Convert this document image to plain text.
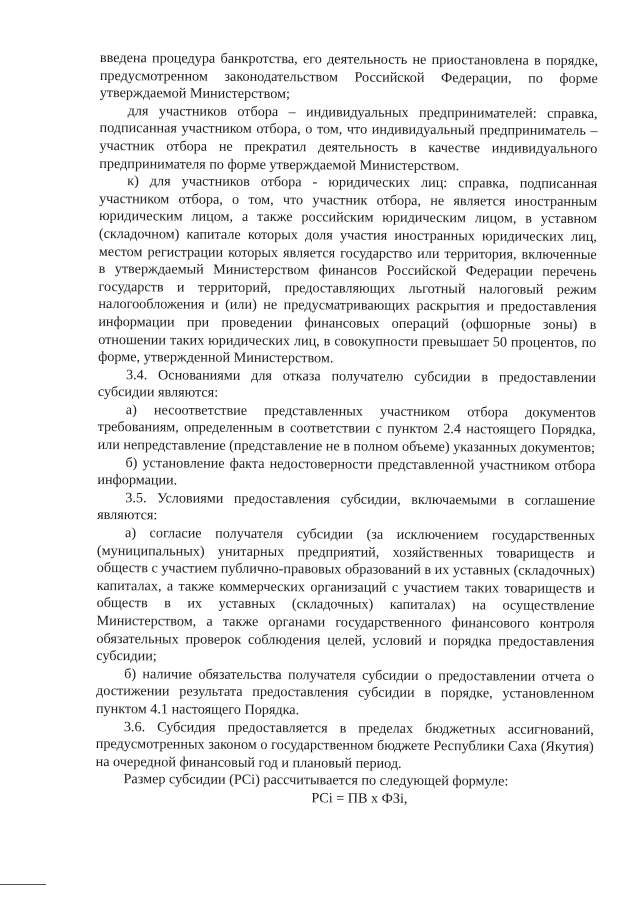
введена процедура банкротства, его деятельность не приостановлена в порядке, предусмотренном законодательством Российской Федерации, по форме утверждаемой Министерством;

для участников отбора – индивидуальных предпринимателей: справка, подписанная участником отбора, о том, что индивидуальный предприниматель – участник отбора не прекратил деятельность в качестве индивидуального предпринимателя по форме утверждаемой Министерством.

к) для участников отбора - юридических лиц: справка, подписанная участником отбора, о том, что участник отбора, не является иностранным юридическим лицом, а также российским юридическим лицом, в уставном (складочном) капитале которых доля участия иностранных юридических лиц, местом регистрации которых является государство или территория, включенные в утверждаемый Министерством финансов Российской Федерации перечень государств и территорий, предоставляющих льготный налоговый режим налогообложения и (или) не предусматривающих раскрытия и предоставления информации при проведении финансовых операций (офшорные зоны) в отношении таких юридических лиц, в совокупности превышает 50 процентов, по форме, утвержденной Министерством.

3.4. Основаниями для отказа получателю субсидии в предоставлении субсидии являются:

а) несоответствие представленных участником отбора документов требованиям, определенным в соответствии с пунктом 2.4 настоящего Порядка, или непредставление (представление не в полном объеме) указанных документов;

б) установление факта недостоверности представленной участником отбора информации.

3.5. Условиями предоставления субсидии, включаемыми в соглашение являются:

а) согласие получателя субсидии (за исключением государственных (муниципальных) унитарных предприятий, хозяйственных товариществ и обществ с участием публично-правовых образований в их уставных (складочных) капиталах, а также коммерческих организаций с участием таких товариществ и обществ в их уставных (складочных) капиталах) на осуществление Министерством, а также органами государственного финансового контроля обязательных проверок соблюдения целей, условий и порядка предоставления субсидии;

б) наличие обязательства получателя субсидии о предоставлении отчета о достижении результата предоставления субсидии в порядке, установленном пунктом 4.1 настоящего Порядка.

3.6. Субсидия предоставляется в пределах бюджетных ассигнований, предусмотренных законом о государственном бюджете Республики Саха (Якутия) на очередной финансовый год и плановый период.

Размер субсидии (PCi) рассчитывается по следующей формуле:

PCi = ПВ x ФЗi,
